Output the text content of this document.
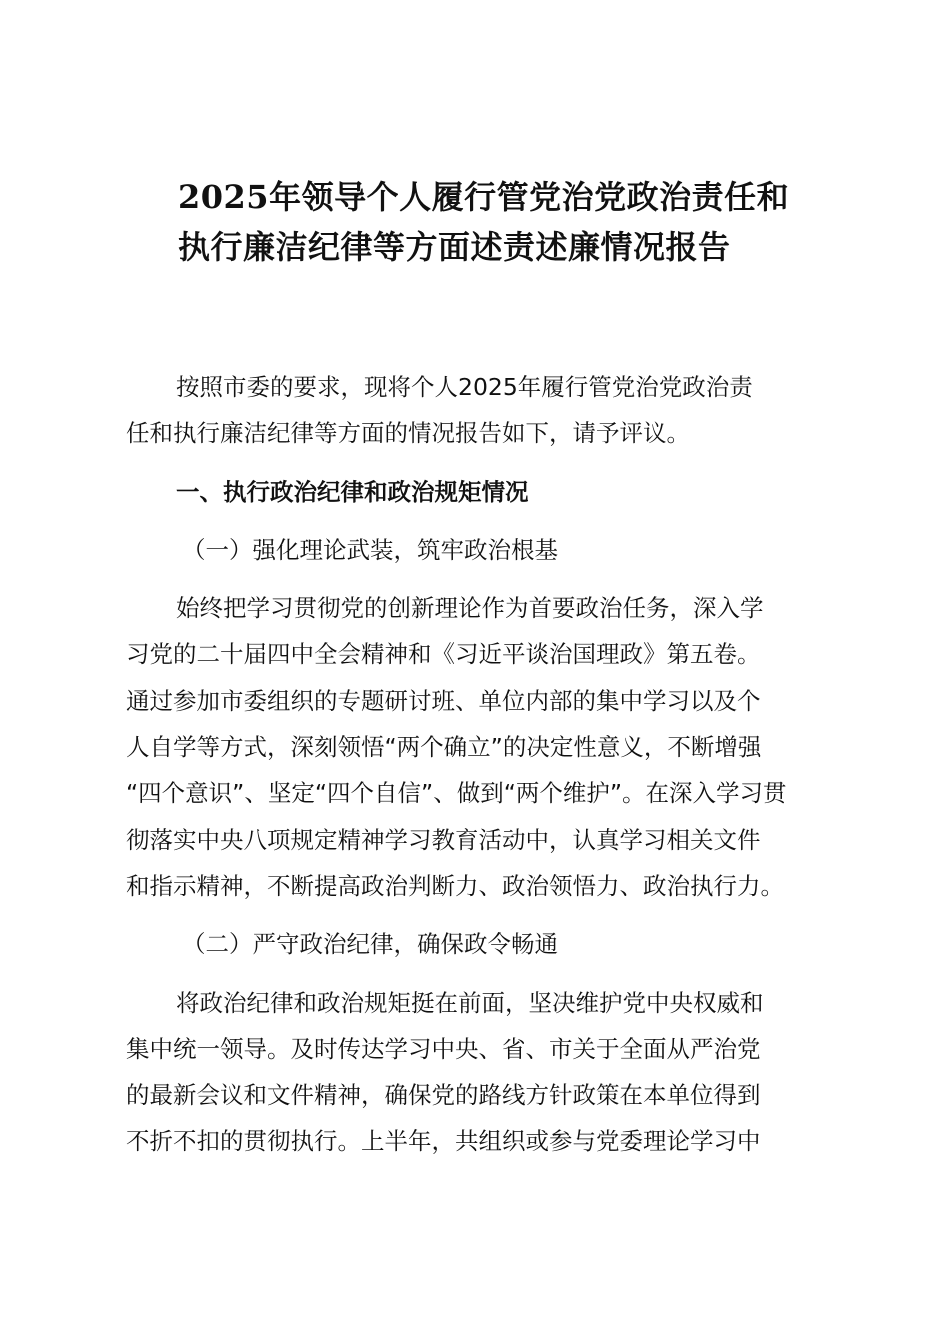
2025年领导个人履行管党治党政治责任和
执行廉洁纪律等方面述责述廉情况报告

按照市委的要求，现将个人2025年履行管党治党政治责
任和执行廉洁纪律等方面的情况报告如下，请予评议。

一、执行政治纪律和政治规矩情况
（一）强化理论武装，筑牢政治根基

始终把学习贯彻党的创新理论作为首要政治任务，深入学
习党的二十届四中全会精神和《习近平谈治国理政》第五卷。
通过参加市委组织的专题研讨班、单位内部的集中学习以及个
人自学等方式，深刻领悟“两个确立”的决定性意义，不断增强
“四个意识”、坚定“四个自信”、做到“两个维护”。在深入学习贯
彻落实中央八项规定精神学习教育活动中，认真学习相关文件
和指示精神，不断提高政治判断力、政治领悟力、政治执行力。

（二）严守政治纪律，确保政令畅通

将政治纪律和政治规矩挺在前面，坚决维护党中央权威和
集中统一领导。及时传达学习中央、省、市关于全面从严治党
的最新会议和文件精神，确保党的路线方针政策在本单位得到
不折不扣的贯彻执行。上半年，共组织或参与党委理论学习中
